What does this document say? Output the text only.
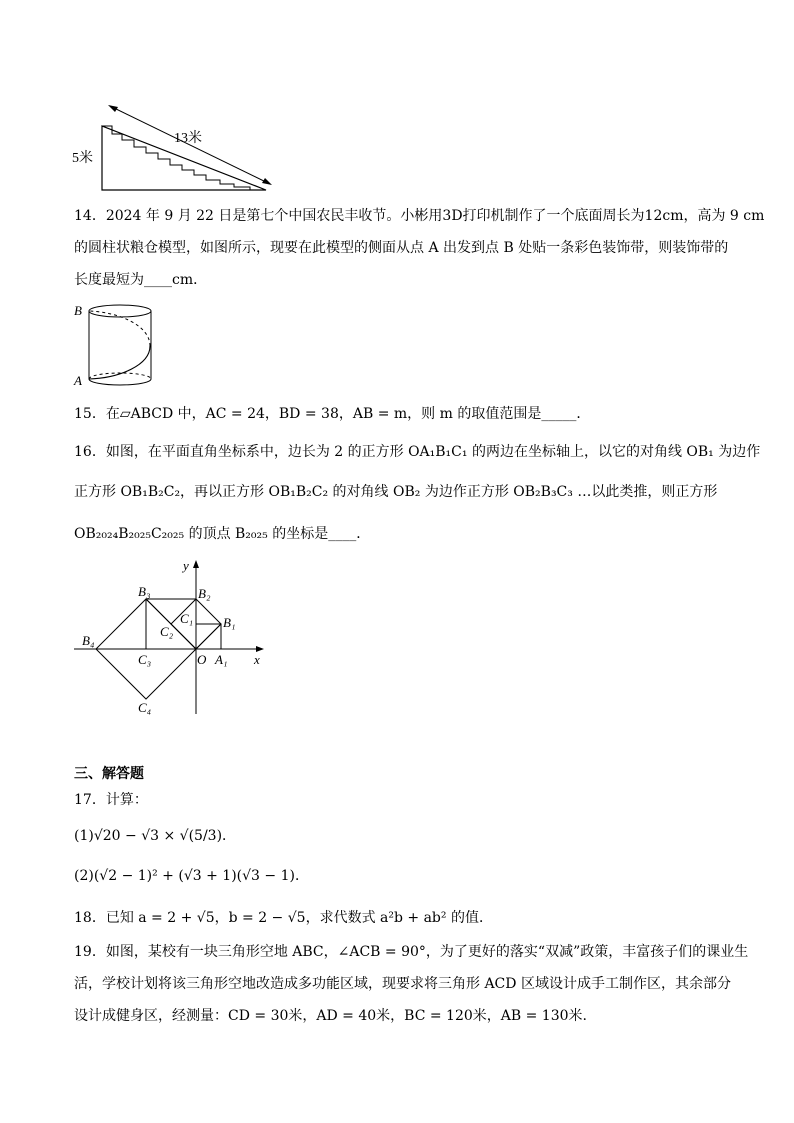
13米
5米
14．2024 年 9 月 22 日是第七个中国农民丰收节。小彬用3D打印机制作了一个底面周长为12cm，高为 9 cm
的圆柱状粮仓模型，如图所示，现要在此模型的侧面从点 A 出发到点 B 处贴一条彩色装饰带，则装饰带的
长度最短为____cm．
B
A
15．在▱ABCD 中，AC = 24，BD = 38，AB = m，则 m 的取值范围是_____．
16．如图，在平面直角坐标系中，边长为 2 的正方形 OA₁B₁C₁ 的两边在坐标轴上，以它的对角线 OB₁ 为边作
正方形 OB₁B₂C₂，再以正方形 OB₁B₂C₂ 的对角线 OB₂ 为边作正方形 OB₂B₃C₃ …以此类推，则正方形
OB₂₀₂₄B₂₀₂₅C₂₀₂₅ 的顶点 B₂₀₂₅ 的坐标是____．
y
x
O A₁
B₁
C₁
B₂
C₂
B₃
C₃
B₄
C₄
三、解答题
17．计算：
(1)√20 − √3 × √(5/3)．
(2)(√2 − 1)² + (√3 + 1)(√3 − 1)．
18．已知 a = 2 + √5，b = 2 − √5，求代数式 a²b + ab² 的值．
19．如图，某校有一块三角形空地 ABC，∠ACB = 90°，为了更好的落实“双减”政策，丰富孩子们的课业生
活，学校计划将该三角形空地改造成多功能区域，现要求将三角形 ACD 区域设计成手工制作区，其余部分
设计成健身区，经测量：CD = 30米，AD = 40米，BC = 120米，AB = 130米.
